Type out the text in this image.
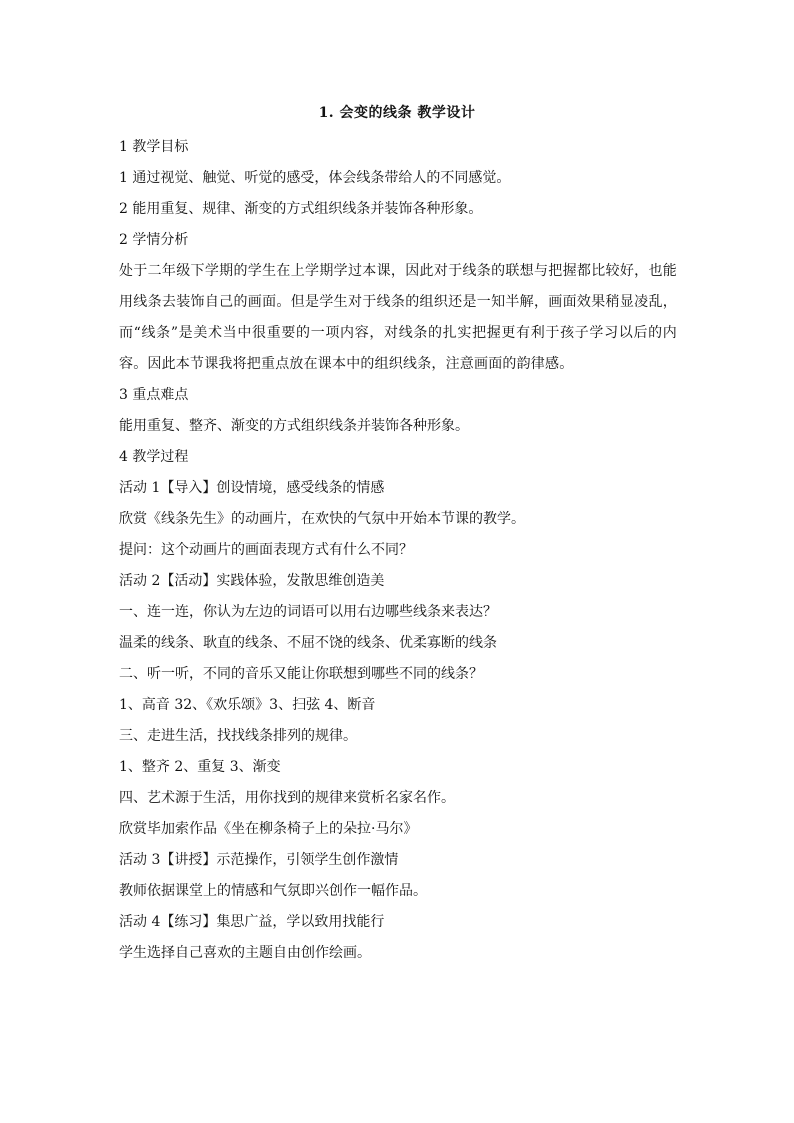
1. 会变的线条 教学设计
1 教学目标
1 通过视觉、触觉、听觉的感受，体会线条带给人的不同感觉。
2 能用重复、规律、渐变的方式组织线条并装饰各种形象。
2 学情分析
处于二年级下学期的学生在上学期学过本课，因此对于线条的联想与把握都比较好，也能用线条去装饰自己的画面。但是学生对于线条的组织还是一知半解，画面效果稍显凌乱，而“线条”是美术当中很重要的一项内容，对线条的扎实把握更有利于孩子学习以后的内容。因此本节课我将把重点放在课本中的组织线条，注意画面的韵律感。
3 重点难点
能用重复、整齐、渐变的方式组织线条并装饰各种形象。
4 教学过程
活动 1【导入】创设情境，感受线条的情感
欣赏《线条先生》的动画片，在欢快的气氛中开始本节课的教学。
提问：这个动画片的画面表现方式有什么不同？
活动 2【活动】实践体验，发散思维创造美
一、连一连，你认为左边的词语可以用右边哪些线条来表达？
温柔的线条、耿直的线条、不屈不饶的线条、优柔寡断的线条
二、听一听，不同的音乐又能让你联想到哪些不同的线条？
1、高音 32、《欢乐颂》3、扫弦 4、断音
三、走进生活，找找线条排列的规律。
1、整齐 2、重复 3、渐变
四、艺术源于生活，用你找到的规律来赏析名家名作。
欣赏毕加索作品《坐在柳条椅子上的朵拉·马尔》
活动 3【讲授】示范操作，引领学生创作激情
教师依据课堂上的情感和气氛即兴创作一幅作品。
活动 4【练习】集思广益，学以致用找能行
学生选择自己喜欢的主题自由创作绘画。
